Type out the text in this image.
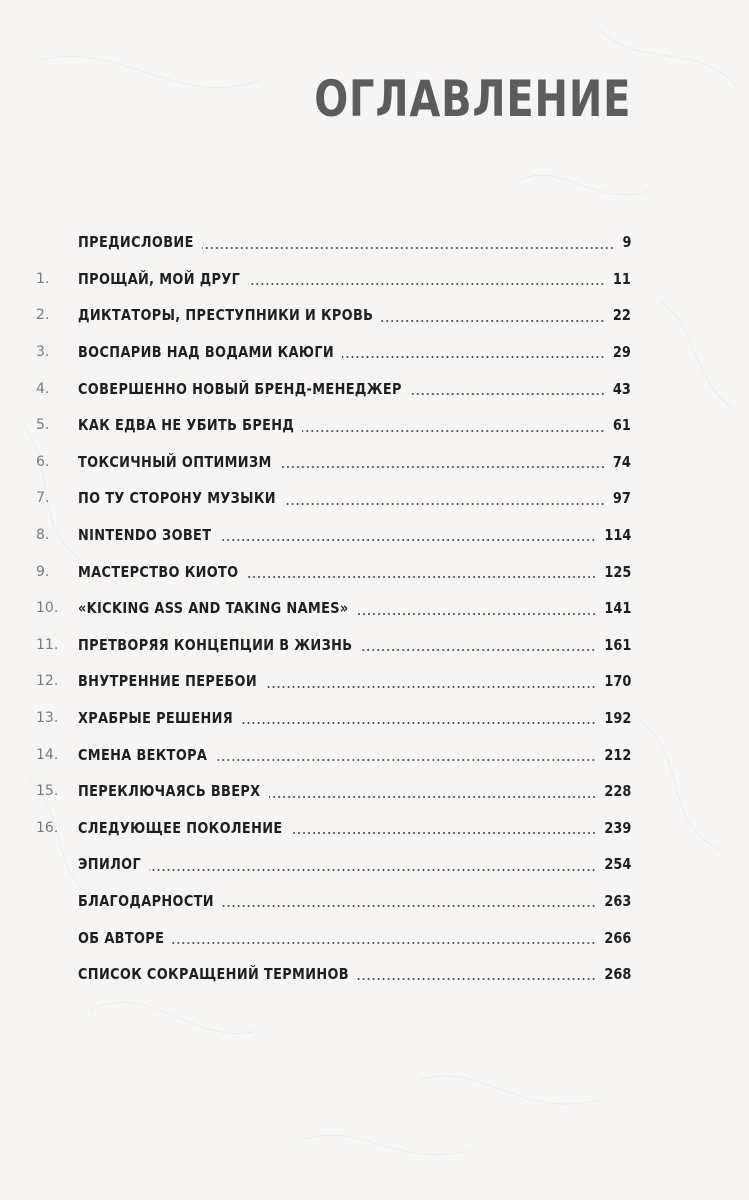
ОГЛАВЛЕНИЕ
ПРЕДИСЛОВИЕ	9
1.	ПРОЩАЙ, МОЙ ДРУГ	11
2.	ДИКТАТОРЫ, ПРЕСТУПНИКИ И КРОВЬ	22
3.	ВОСПАРИВ НАД ВОДАМИ КАЮГИ	29
4.	СОВЕРШЕННО НОВЫЙ БРЕНД-МЕНЕДЖЕР	43
5.	КАК ЕДВА НЕ УБИТЬ БРЕНД	61
6.	ТОКСИЧНЫЙ ОПТИМИЗМ	74
7.	ПО ТУ СТОРОНУ МУЗЫКИ	97
8.	NINTENDO ЗОВЕТ	114
9.	МАСТЕРСТВО КИОТО	125
10.	«KICKING ASS AND TAKING NAMES»	141
11.	ПРЕТВОРЯЯ КОНЦЕПЦИИ В ЖИЗНЬ	161
12.	ВНУТРЕННИЕ ПЕРЕБОИ	170
13.	ХРАБРЫЕ РЕШЕНИЯ	192
14.	СМЕНА ВЕКТОРА	212
15.	ПЕРЕКЛЮЧАЯСЬ ВВЕРХ	228
16.	СЛЕДУЮЩЕЕ ПОКОЛЕНИЕ	239
ЭПИЛОГ	254
БЛАГОДАРНОСТИ	263
ОБ АВТОРЕ	266
СПИСОК СОКРАЩЕНИЙ ТЕРМИНОВ	268
